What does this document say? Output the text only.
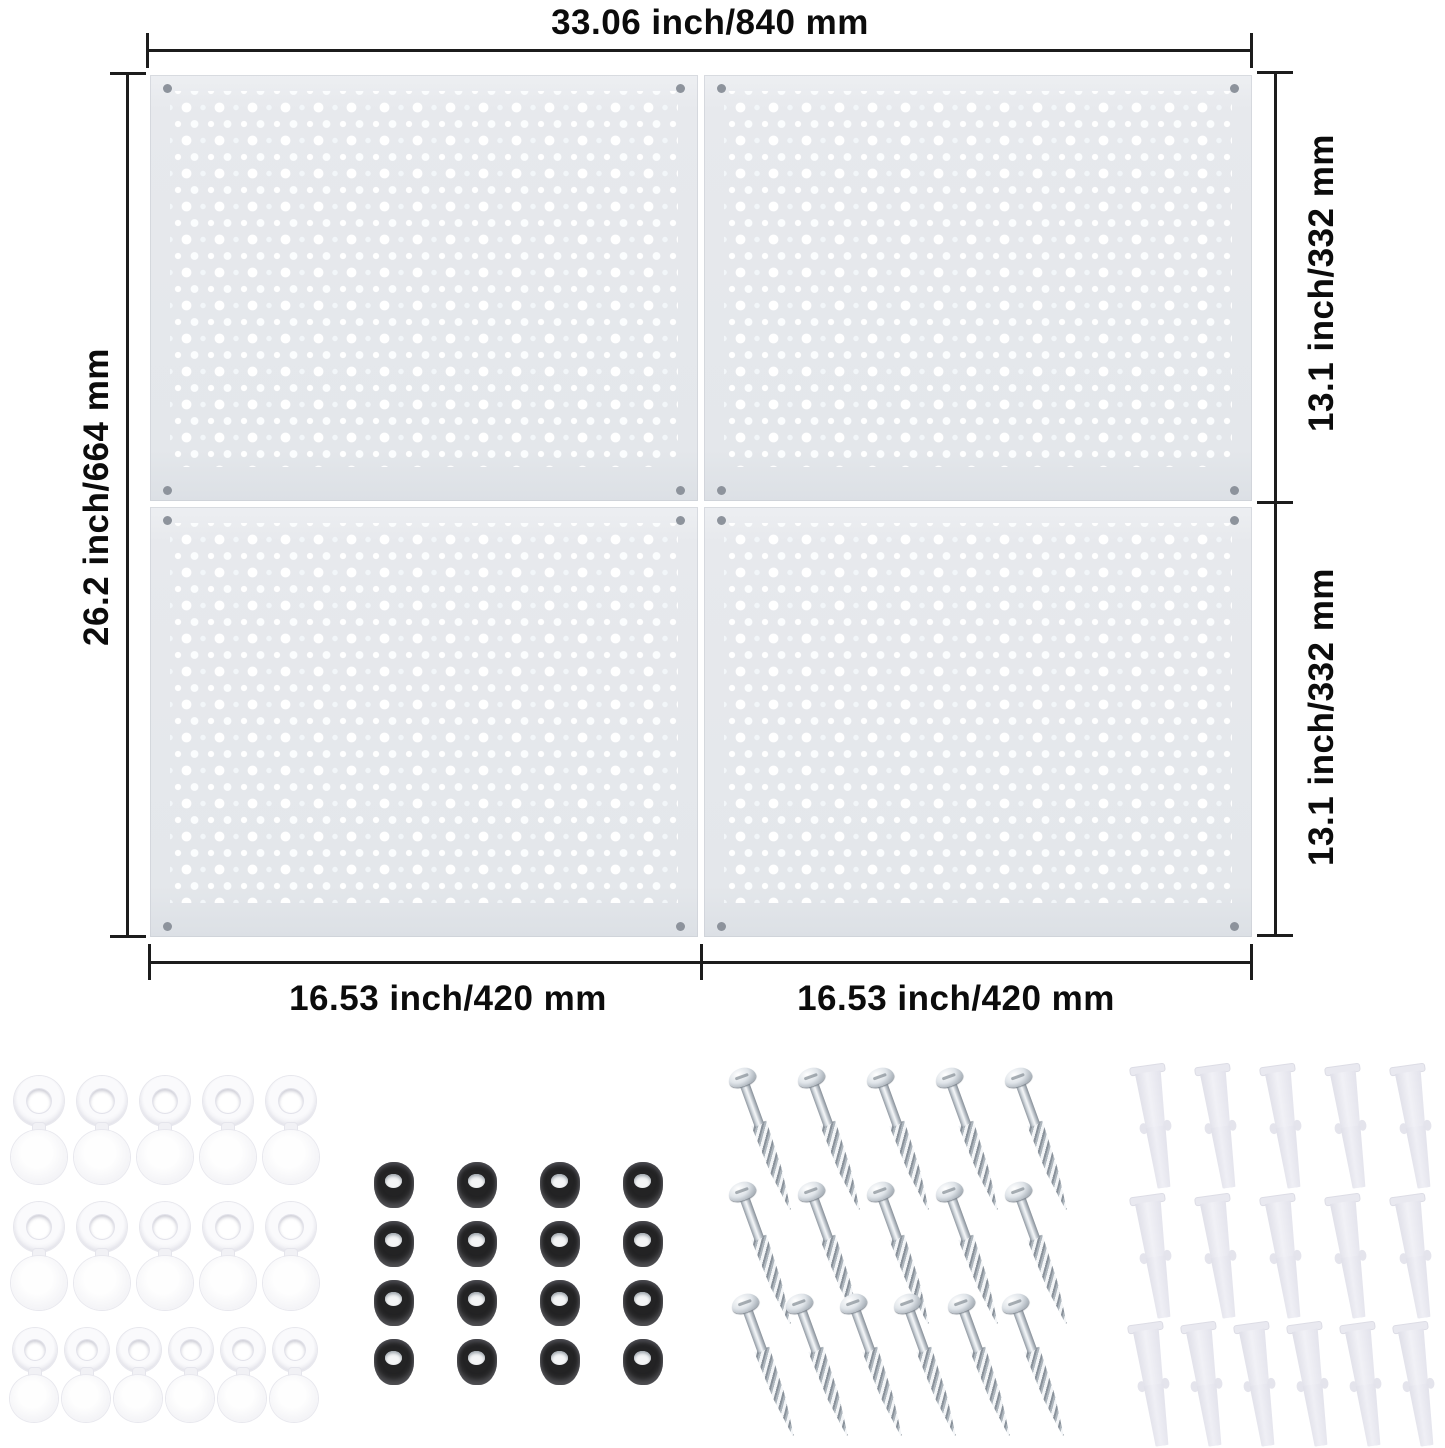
33.06 inch/840 mm
26.2 inch/664 mm
13.1 inch/332 mm
13.1 inch/332 mm
16.53 inch/420 mm	16.53 inch/420 mm
